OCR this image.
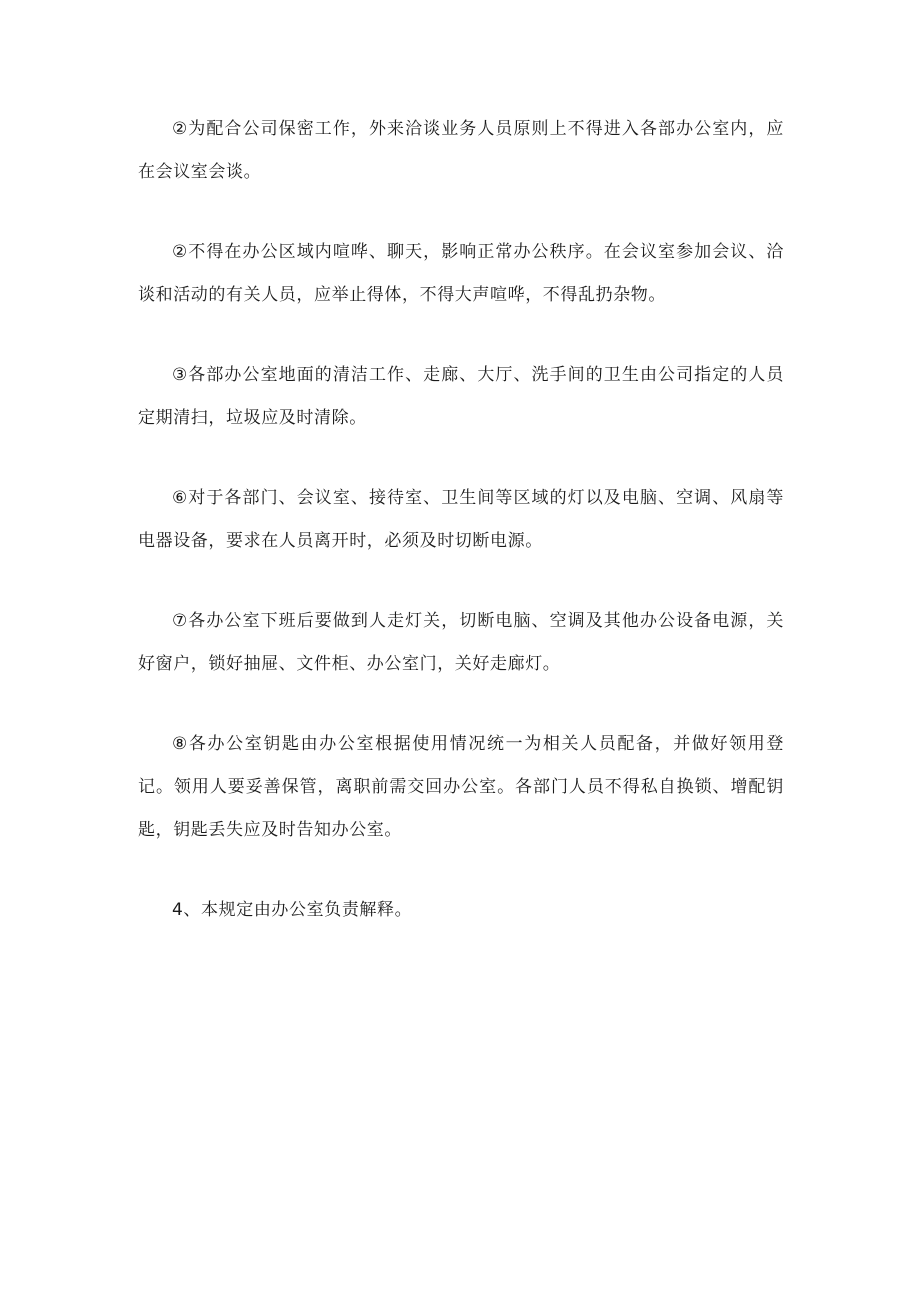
②为配合公司保密工作，外来洽谈业务人员原则上不得进入各部办公室内，应在会议室会谈。

②不得在办公区域内喧哗、聊天，影响正常办公秩序。在会议室参加会议、洽谈和活动的有关人员，应举止得体，不得大声喧哗，不得乱扔杂物。

③各部办公室地面的清洁工作、走廊、大厅、洗手间的卫生由公司指定的人员定期清扫，垃圾应及时清除。

⑥对于各部门、会议室、接待室、卫生间等区域的灯以及电脑、空调、风扇等电器设备，要求在人员离开时，必须及时切断电源。

⑦各办公室下班后要做到人走灯关，切断电脑、空调及其他办公设备电源，关好窗户，锁好抽屉、文件柜、办公室门，关好走廊灯。

⑧各办公室钥匙由办公室根据使用情况统一为相关人员配备，并做好领用登记。领用人要妥善保管，离职前需交回办公室。各部门人员不得私自换锁、增配钥匙，钥匙丢失应及时告知办公室。

4、本规定由办公室负责解释。
